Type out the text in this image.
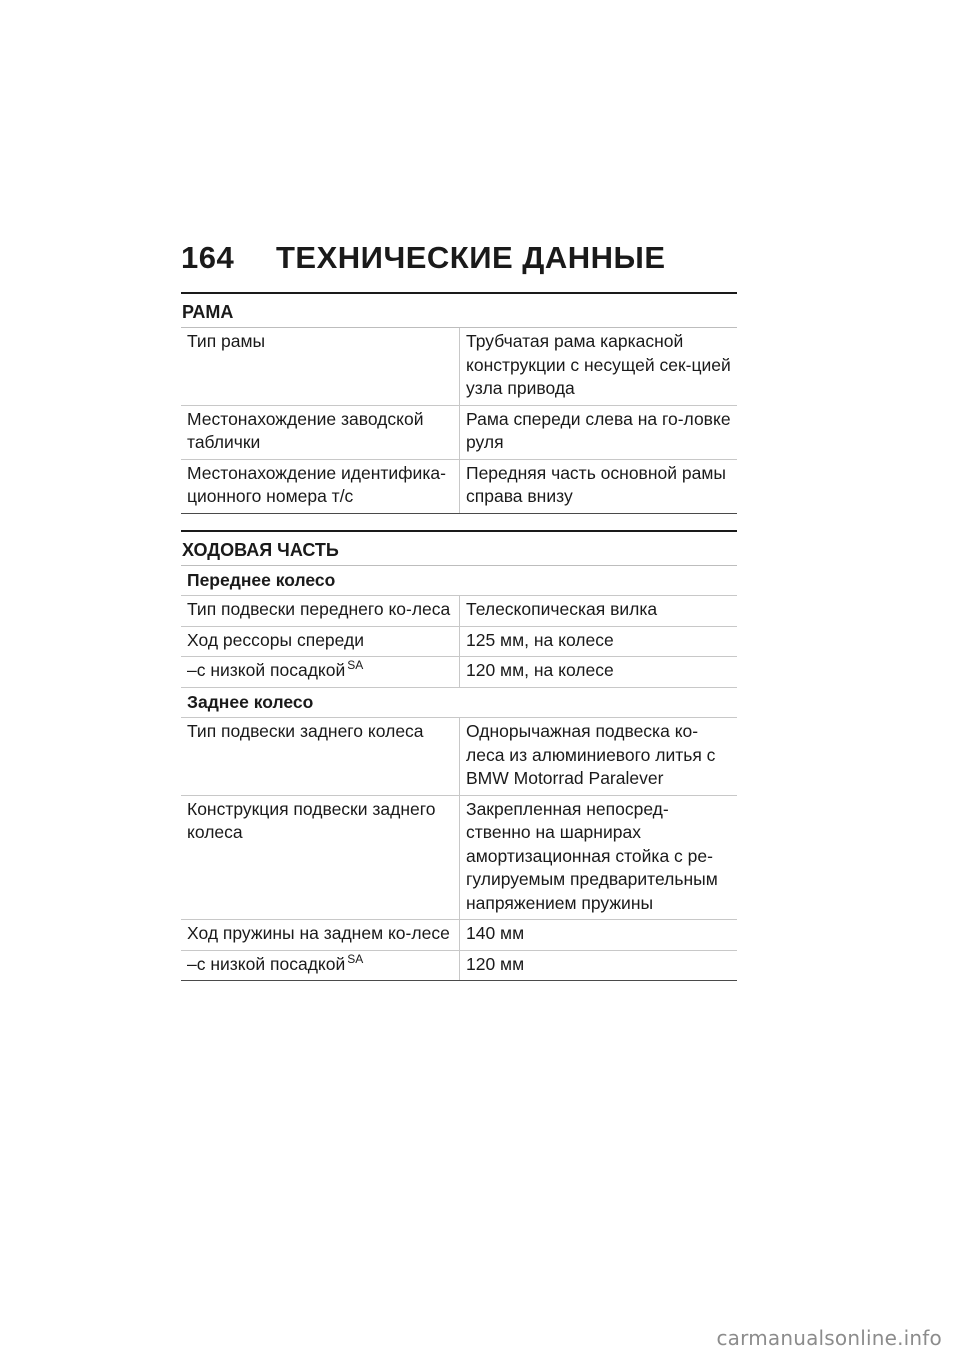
164	ТЕХНИЧЕСКИЕ ДАННЫЕ
РАМА
Тип рамы	Трубчатая рама каркасной конструкции с несущей сек-цией узла привода
Местонахождение заводской таблички	Рама спереди слева на го-ловке руля
Местонахождение идентифика-ционного номера т/с	Передняя часть основной рамы справа внизу
ХОДОВАЯ ЧАСТЬ
Переднее колесо	
Тип подвески переднего ко-леса	Телескопическая вилка
Ход рессоры спереди	125 мм, на колесе
–с низкой посадкой $^{SA}$	120 мм, на колесе
Заднее колесо	
Тип подвески заднего колеса	Однорычажная подвеска ко-леса из алюминиевого литья с BMW Motorrad Paralever
Конструкция подвески заднего колеса	Закрепленная непосред-ственно на шарнирах амортизационная стойка с ре-гулируемым предварительным напряжением пружины
Ход пружины на заднем ко-лесе	140 мм
–с низкой посадкой $^{SA}$	120 мм
carmanualsonline.info
